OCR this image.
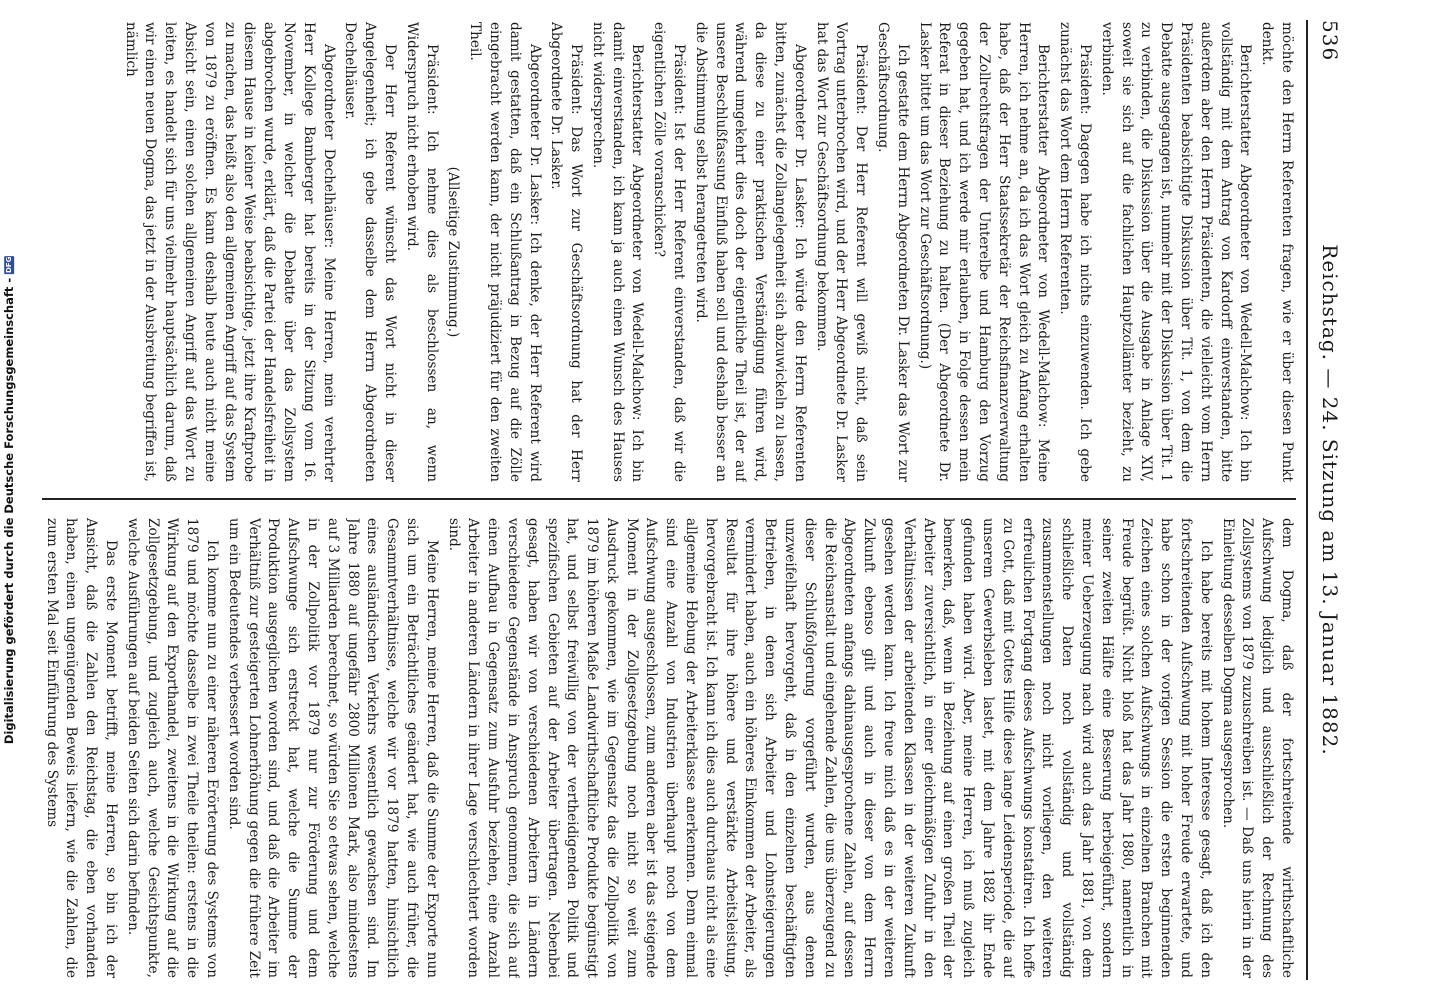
536
Reichstag. — 24. Sitzung am 13. Januar 1882.

möchte den Herrn Referenten fragen, wie er über diesen Punkt denkt.

Berichterstatter Abgeordneter von Wedell-Malchow: Ich bin vollständig mit dem Antrag von Kardorff einverstanden, bitte außerdem aber den Herrn Präsidenten, die vielleicht vom Herrn Präsidenten beabsichtigte Diskussion über Tit. 1, von dem die Debatte ausgegangen ist, nunmehr mit der Diskussion über Tit. 1 zu verbinden, die Diskussion über die Ausgabe in Anlage XIV, soweit sie sich auf die fachlichen Hauptzollämter bezieht, zu verbinden.

Präsident: Dagegen habe ich nichts einzuwenden. Ich gebe zunächst das Wort dem Herrn Referenten.

Berichterstatter Abgeordneter von Wedell-Malchow: Meine Herren, ich nehme an, da ich das Wort gleich zu Anfang erhalten habe, daß der Herr Staatssekretär der Reichsfinanzverwaltung der Zollrechtsfragen der Unterelbe und Hamburg den Vorzug gegeben hat, und ich werde mir erlauben, in Folge dessen mein Referat in dieser Beziehung zu halten. (Der Abgeordnete Dr. Lasker bittet um das Wort zur Geschäftsordnung.)

Ich gestatte dem Herrn Abgeordneten Dr. Lasker das Wort zur Geschäftsordnung.

Präsident: Der Herr Referent will gewiß nicht, daß sein Vortrag unterbrochen wird, und der Herr Abgeordnete Dr. Lasker hat das Wort zur Geschäftsordnung bekommen.

Abgeordneter Dr. Lasker: Ich würde den Herrn Referenten bitten, zunächst die Zollangelegenheit sich abzuwickeln zu lassen, da diese zu einer praktischen Verständigung führen wird, während umgekehrt dies doch der eigentliche Theil ist, der auf unsere Beschlußfassung Einfluß haben soll und deshalb besser an die Abstimmung selbst herangetreten wird.

Präsident: Ist der Herr Referent einverstanden, daß wir die eigentlichen Zölle voranschicken?

Berichterstatter Abgeordneter von Wedell-Malchow: Ich bin damit einverstanden, ich kann ja auch einen Wunsch des Hauses nicht widersprechen.

Präsident: Das Wort zur Geschäftsordnung hat der Herr Abgeordnete Dr. Lasker.

Abgeordneter Dr. Lasker: Ich denke, der Herr Referent wird damit gestatten, daß ein Schlußantrag in Bezug auf die Zölle eingebracht werden kann, der nicht präjudiziert für den zweiten Theil.

(Allseitige Zustimmung.)

Präsident: Ich nehme dies als beschlossen an, wenn Widerspruch nicht erhoben wird.

Der Herr Referent wünscht das Wort nicht in dieser Angelegenheit; ich gebe dasselbe dem Herrn Abgeordneten Dechelhäuser.

Abgeordneter Dechelhäuser: Meine Herren, mein verehrter Herr Kollege Bamberger hat bereits in der Sitzung vom 16. November, in welcher die Debatte über das Zollsystem abgebrochen wurde, erklärt, daß die Partei der Handelsfreiheit in diesem Hause in keiner Weise beabsichtige, jetzt ihre Kraftprobe zu machen, das heißt also den allgemeinen Angriff auf das System von 1879 zu eröffnen. Es kann deshalb heute auch nicht meine Absicht sein, einen solchen allgemeinen Angriff auf das Wort zu leiten, es handelt sich für uns vielmehr hauptsächlich darum, daß wir einen neuen Dogma, das jetzt in der Ausbreitung begriffen ist, nämlich

dem Dogma, daß der fortschreitende wirthschaftliche Aufschwung lediglich und ausschließlich der Rechnung des Zollsystems von 1879 zuzuschreiben ist. — Daß uns hierin in der Einleitung desselben Dogma ausgesprochen.

Ich habe bereits mit hohem Interesse gesagt, daß ich den fortschreitenden Aufschwung mit hoher Freude erwartete, und habe schon in der vorigen Session die ersten beginnenden Zeichen eines solchen Aufschwungs in einzelnen Branchen mit Freude begrüßt. Nicht bloß hat das Jahr 1880, namentlich in seiner zweiten Hälfte eine Besserung herbeigeführt, sondern meiner Ueberzeugung nach wird auch das Jahr 1881, von dem schließliche Daten noch vollständig und vollständig zusammenstellungen noch nicht vorliegen, den weiteren erfreulichen Fortgang dieses Aufschwungs konstatiren. Ich hoffe zu Gott, daß mit Gottes Hilfe diese lange Leidensperiode, die auf unserem Gewerbsleben lastet, mit dem Jahre 1882 ihr Ende gefunden haben wird. Aber, meine Herren, ich muß zugleich bemerken, daß, wenn in Beziehung auf einen großen Theil der Arbeiter zuversichtlich, in einer gleichmäßigen Zufuhr in den Verhältnissen der arbeitenden Klassen in der weiteren Zukunft gesehen werden kann. Ich freue mich daß es in der weiteren Zukunft ebenso gilt und auch in dieser von dem Herrn Abgeordneten anfangs dahinausgesprochene Zahlen, auf dessen die Reichsanstalt und eingehende Zahlen, die uns überzeugend zu dieser Schlußfolgerung vorgeführt wurden, aus denen unzweifelhaft hervorgeht, daß in den einzelnen beschäftigten Betrieben, in denen sich Arbeiter und Lohnsteigerungen vermindert haben, auch ein höheres Einkommen der Arbeiter, als Resultat für ihre höhere und verstärkte Arbeitsleistung, hervorgebracht ist. Ich kann ich dies auch durchaus nicht als eine allgemeine Hebung der Arbeiterklasse anerkennen. Denn einmal sind eine Anzahl von Industrien überhaupt noch von dem Aufschwung ausgeschlossen, zum anderen aber ist das steigende Moment in der Zollgesetzgebung noch nicht so weit zum Ausdruck gekommen, wie im Gegensatz das die Zollpolitik von 1879 im höheren Maße Landwirthschaftliche Produkte begünstigt hat, und selbst freiwillig von der vertheidigenden Politik und spezifischen Gebieten auf der Arbeiter übertragen. Nebenbei gesagt, haben wir von verschiedenen Arbeitern in Ländern verschiedene Gegenstände in Anspruch genommen, die sich auf einen Aufbau in Gegensatz zum Ausfuhr beziehen, eine Anzahl Arbeiter in anderen Ländern in ihrer Lage verschlechtert worden sind.

Meine Herren, meine Herren, daß die Summe der Exporte nun sich um ein Beträchtliches geändert hat, wie auch früher, die Gesammtverhältnisse, welche wir vor 1879 hatten, hinsichtlich eines ausländischen Verkehrs wesentlich gewachsen sind. Im Jahre 1880 auf ungefähr 2800 Millionen Mark, also mindestens auf 3 Milliarden berechnet, so würden Sie so etwas sehen, welche in der Zollpolitik vor 1879 nur zur Förderung und dem Aufschwunge sich erstreckt hat, welche die Summe der Produktion ausgeglichen worden sind, und daß die Arbeiter im Verhältniß zur gesteigerten Lohnerhöhung gegen die frühere Zeit um ein Bedeutendes verbessert worden sind.

Ich komme nun zu einer näheren Erörterung des Systems von 1879 und möchte dasselbe in zwei Theile theilen: erstens in die Wirkung auf den Exporthandel, zweitens in die Wirkung auf die Zollgesetzgebung, und zugleich auch, welche Gesichtspunkte, welche Ausführungen auf beiden Seiten sich darin befinden.

Das erste Moment betrifft, meine Herren, so bin ich der Ansicht, daß die Zahlen den Reichstag, die eben vorhanden haben, einen ungenügenden Beweis liefern, wie die Zahlen, die zum ersten Mal seit Einführung des Systems

Digitalisierung gefördert durch die Deutsche Forschungsgemeinschaft -
DFG
